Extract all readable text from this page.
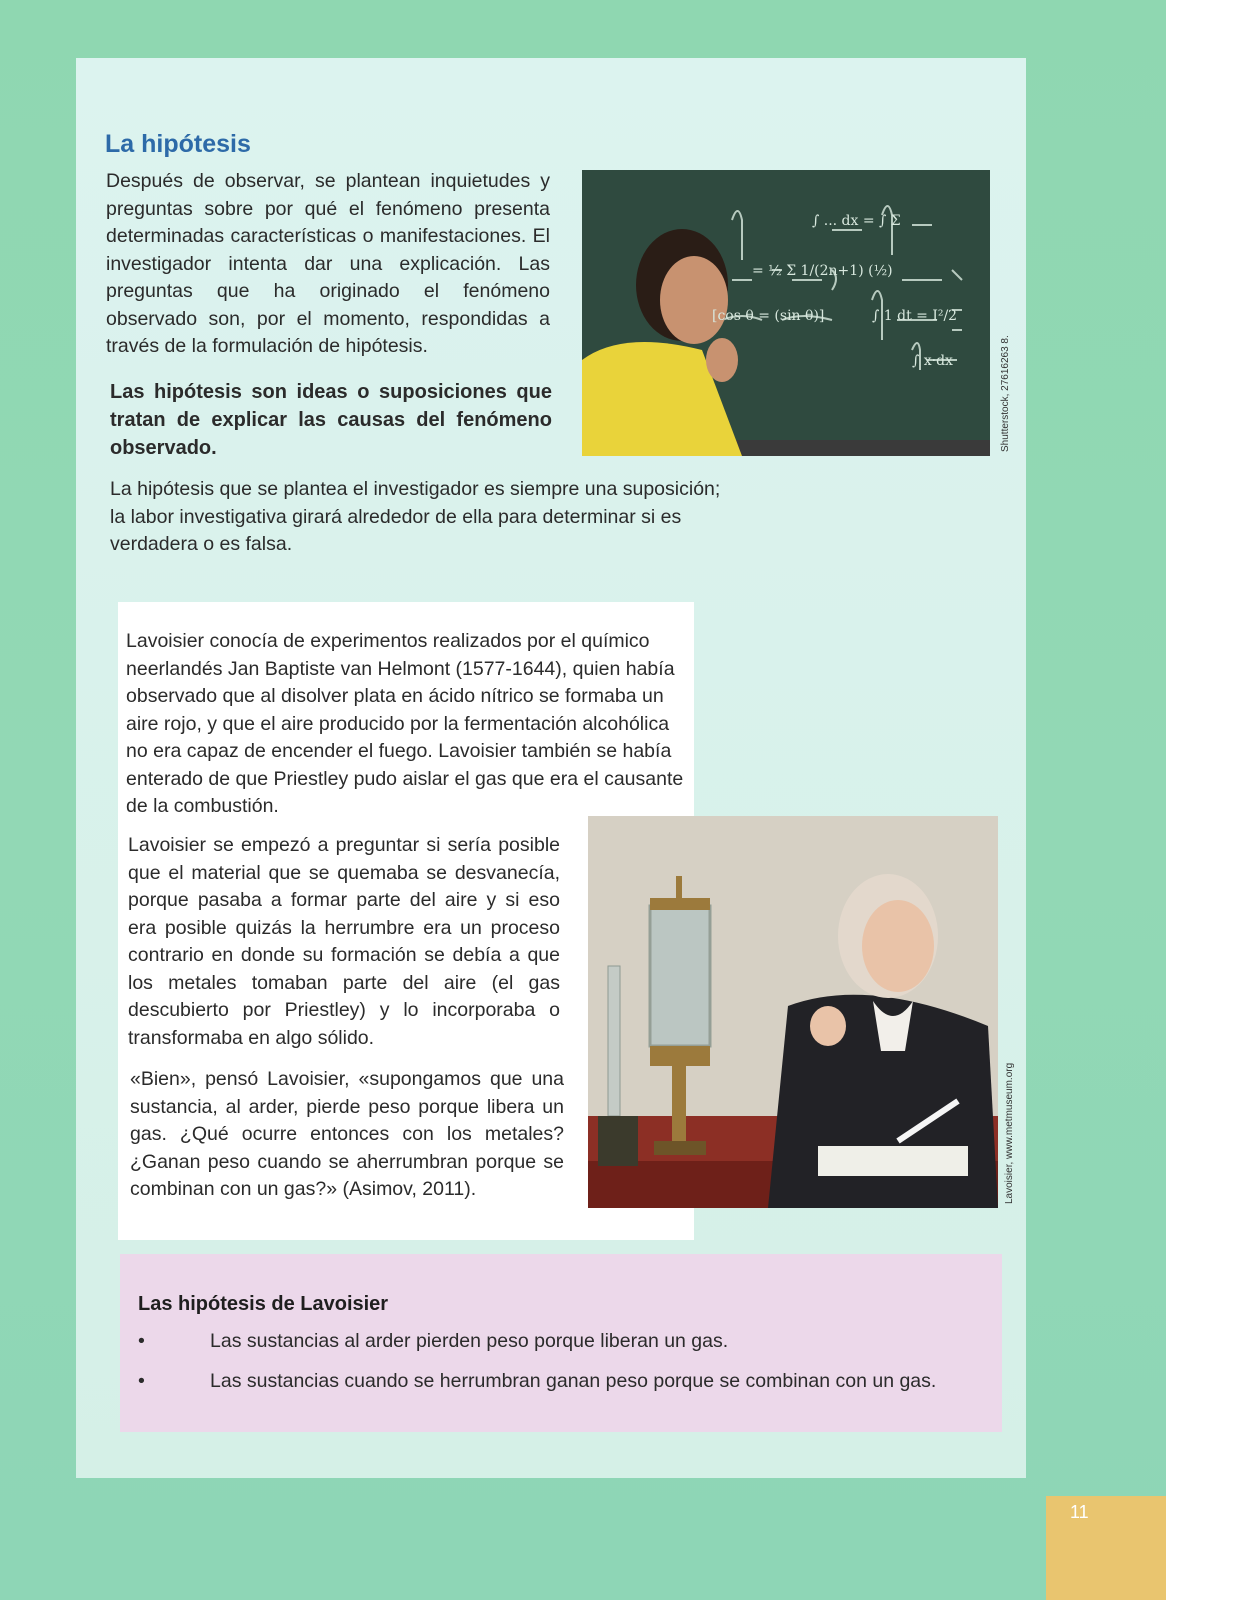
La hipótesis

Después de observar, se plantean inquietudes y preguntas sobre por qué el fenómeno presenta determinadas características o manifestaciones. El investigador intenta dar una explicación. Las preguntas que ha originado el fenómeno observado son, por el momento, respondidas a través de la formulación de hipótesis.

∫ ... dx = ∫ Σ
= ½ Σ 1/(2n+1) (½)
[cos θ = (sin θ)]	∫ 1 dt = I²/2
∫ x·dx	Shutterstock, 27616263 8.

Las hipótesis son ideas o suposiciones que tratan de explicar las causas del fenómeno observado.

La hipótesis que se plantea el investigador es siempre una suposición; la labor investigativa girará alrededor de ella para determinar si es verdadera o es falsa.

Lavoisier conocía de experimentos realizados por el químico neerlandés Jan Baptiste van Helmont (1577-1644), quien había observado que al disolver plata en ácido nítrico se formaba un aire rojo, y que el aire producido por la fermentación alcohólica no era capaz de encender el fuego. Lavoisier también se había enterado de que Priestley pudo aislar el gas que era el causante de la combustión.

Lavoisier se empezó a preguntar si sería posible que el material que se quemaba se desvanecía, porque pasaba a formar parte del aire y si eso era posible quizás la herrumbre era un proceso contrario en donde su formación se debía a que los metales tomaban parte del aire (el gas descubierto por Priestley) y lo incorporaba o transformaba en algo sólido.

«Bien», pensó Lavoisier, «supongamos que una sustancia, al arder, pierde peso porque libera un gas. ¿Qué ocurre entonces con los metales? ¿Ganan peso cuando se aherrumbran porque se combinan con un gas?» (Asimov, 2011).	Lavoisier, www.metmuseum.org
Las hipótesis de Lavoisier
•	Las sustancias al arder pierden peso porque liberan un gas.
•	Las sustancias cuando se herrumbran ganan peso porque se combinan con un gas.
11
